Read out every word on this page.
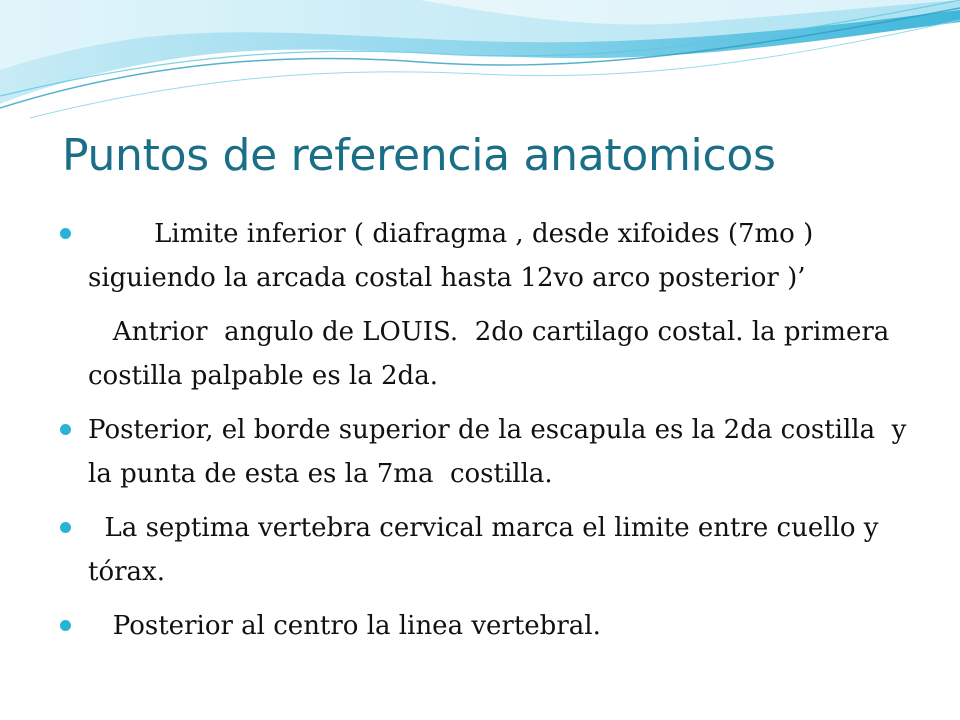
Puntos de referencia anatomicos
Limite inferior ( diafragma , desde xifoides (7mo ) siguiendo la arcada costal hasta 12vo arco posterior )’
Antrior  angulo de LOUIS.  2do cartilago costal. la primera costilla palpable es la 2da.
Posterior, el borde superior de la escapula es la 2da costilla  y la punta de esta es la 7ma  costilla.
La septima vertebra cervical marca el limite entre cuello y tórax.
Posterior al centro la linea vertebral.
